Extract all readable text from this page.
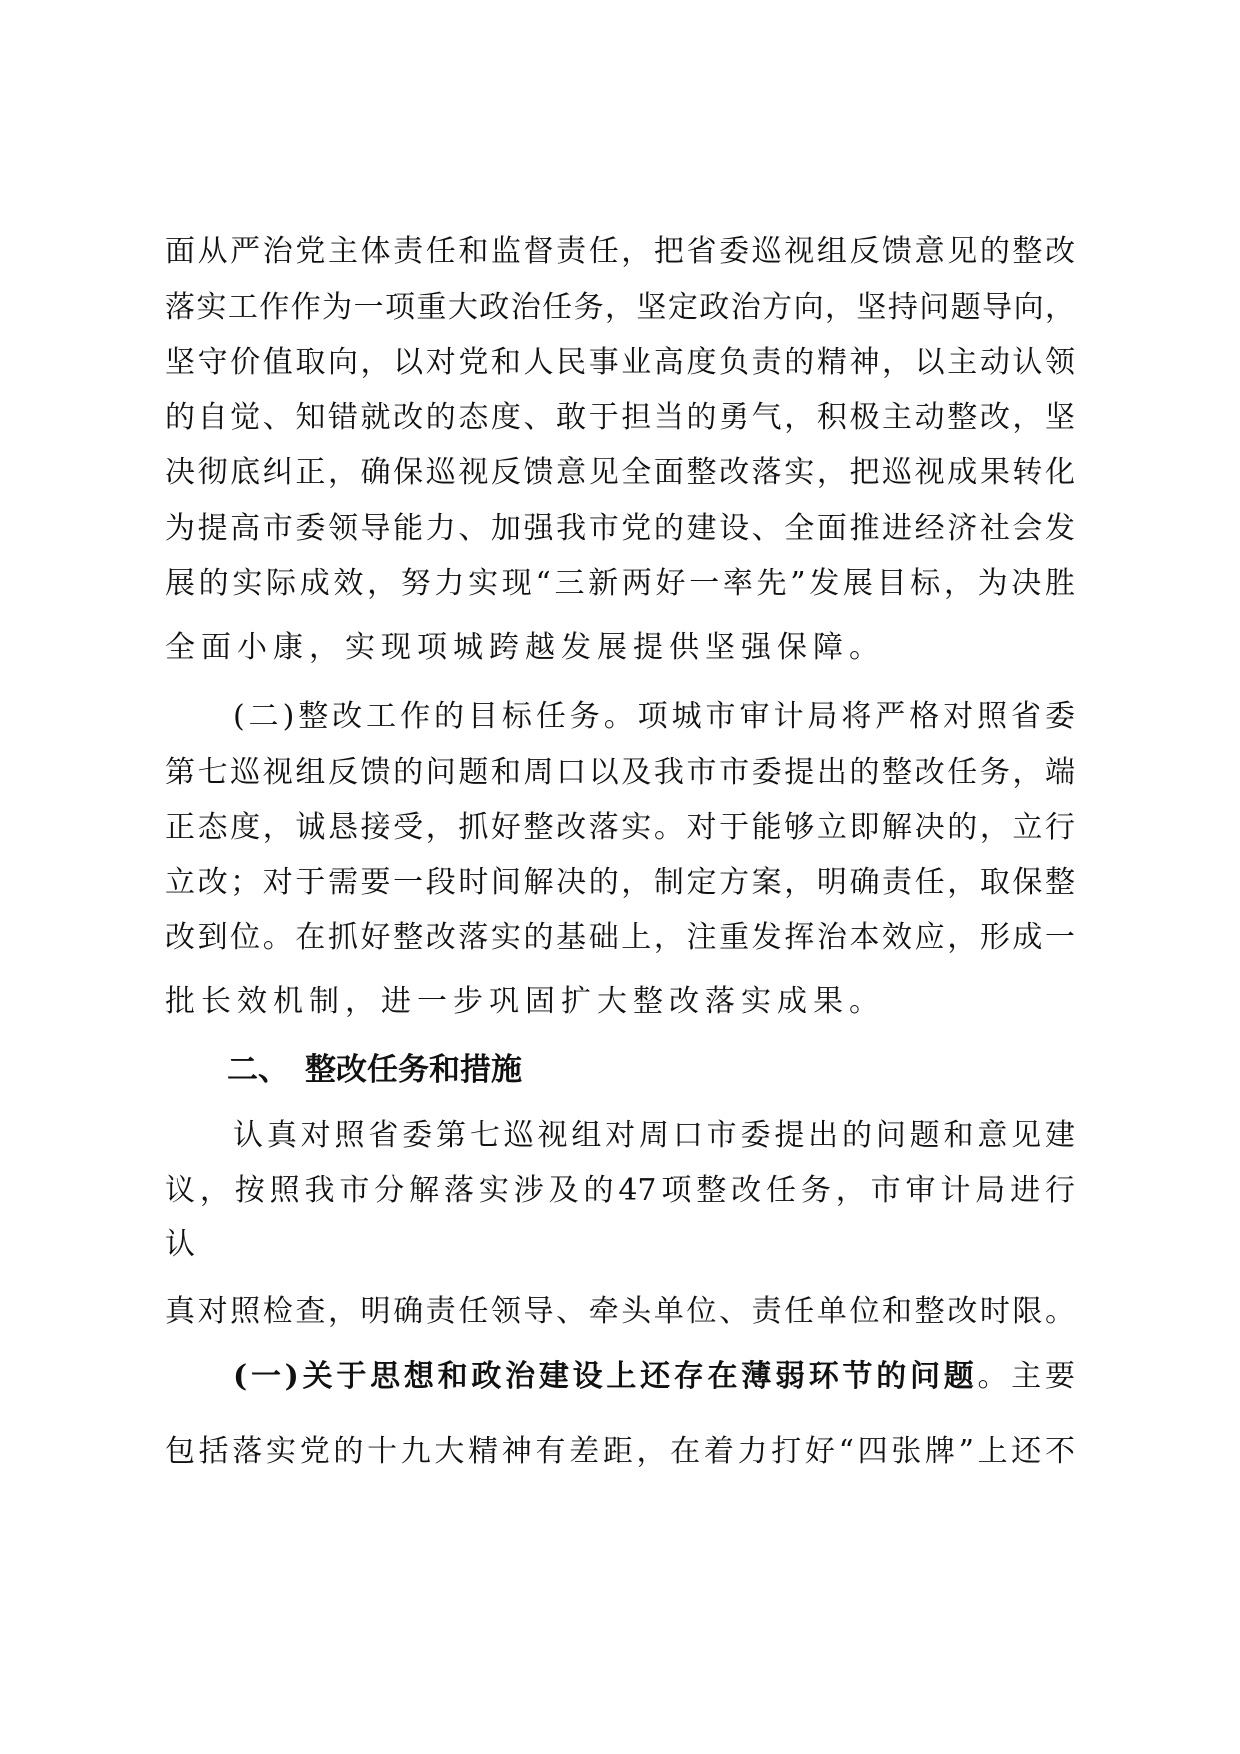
面从严治党主体责任和监督责任，把省委巡视组反馈意见的整改
落实工作作为一项重大政治任务，坚定政治方向，坚持问题导向，
坚守价值取向，以对党和人民事业高度负责的精神，以主动认领
的自觉、知错就改的态度、敢于担当的勇气，积极主动整改，坚
决彻底纠正，确保巡视反馈意见全面整改落实，把巡视成果转化
为提高市委领导能力、加强我市党的建设、全面推进经济社会发
展的实际成效，努力实现“三新两好一率先”发展目标，为决胜
全面小康，实现项城跨越发展提供坚强保障。
(二)整改工作的目标任务。项城市审计局将严格对照省委
第七巡视组反馈的问题和周口以及我市市委提出的整改任务，端
正态度，诚恳接受，抓好整改落实。对于能够立即解决的，立行
立改；对于需要一段时间解决的，制定方案，明确责任，取保整
改到位。在抓好整改落实的基础上，注重发挥治本效应，形成一
批长效机制，进一步巩固扩大整改落实成果。
二、 整改任务和措施
认真对照省委第七巡视组对周口市委提出的问题和意见建
议，按照我市分解落实涉及的47项整改任务，市审计局进行
认
真对照检查，明确责任领导、牵头单位、责任单位和整改时限。
(一)关于思想和政治建设上还存在薄弱环节的问题。主要
包括落实党的十九大精神有差距，在着力打好“四张牌”上还不
